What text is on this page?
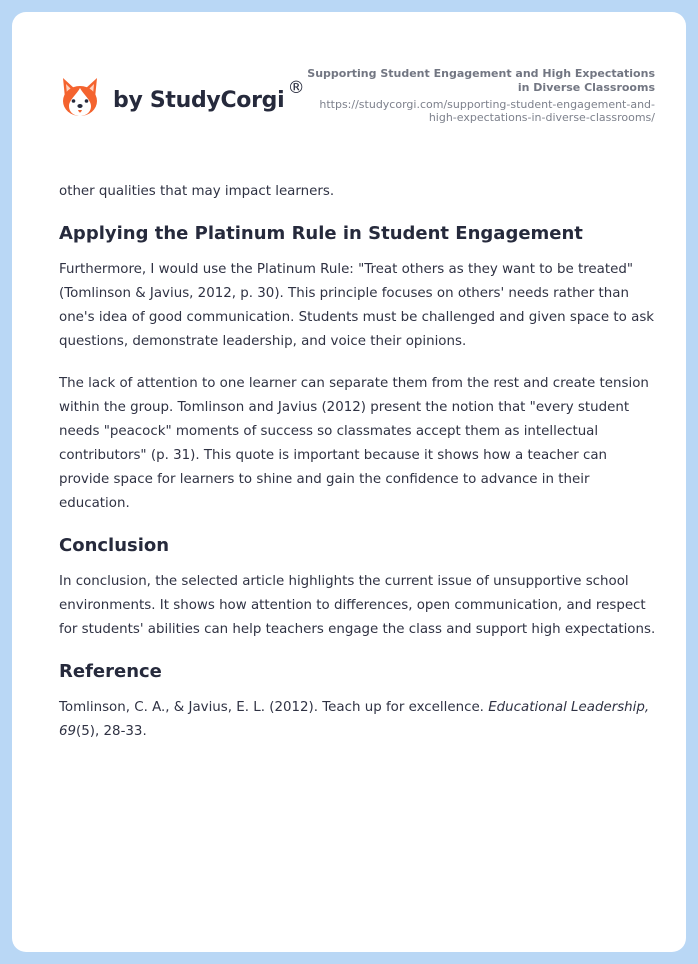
by StudyCorgi ®
Supporting Student Engagement and High Expectations in Diverse Classrooms
https://studycorgi.com/supporting-student-engagement-and-high-expectations-in-diverse-classrooms/

other qualities that may impact learners.

Applying the Platinum Rule in Student Engagement

Furthermore, I would use the Platinum Rule: "Treat others as they want to be treated" (Tomlinson & Javius, 2012, p. 30). This principle focuses on others' needs rather than one's idea of good communication. Students must be challenged and given space to ask questions, demonstrate leadership, and voice their opinions.

The lack of attention to one learner can separate them from the rest and create tension within the group. Tomlinson and Javius (2012) present the notion that "every student needs "peacock" moments of success so classmates accept them as intellectual contributors" (p. 31). This quote is important because it shows how a teacher can provide space for learners to shine and gain the confidence to advance in their education.

Conclusion

In conclusion, the selected article highlights the current issue of unsupportive school environments. It shows how attention to differences, open communication, and respect for students' abilities can help teachers engage the class and support high expectations.

Reference

Tomlinson, C. A., & Javius, E. L. (2012). Teach up for excellence. Educational Leadership, 69(5), 28-33.
